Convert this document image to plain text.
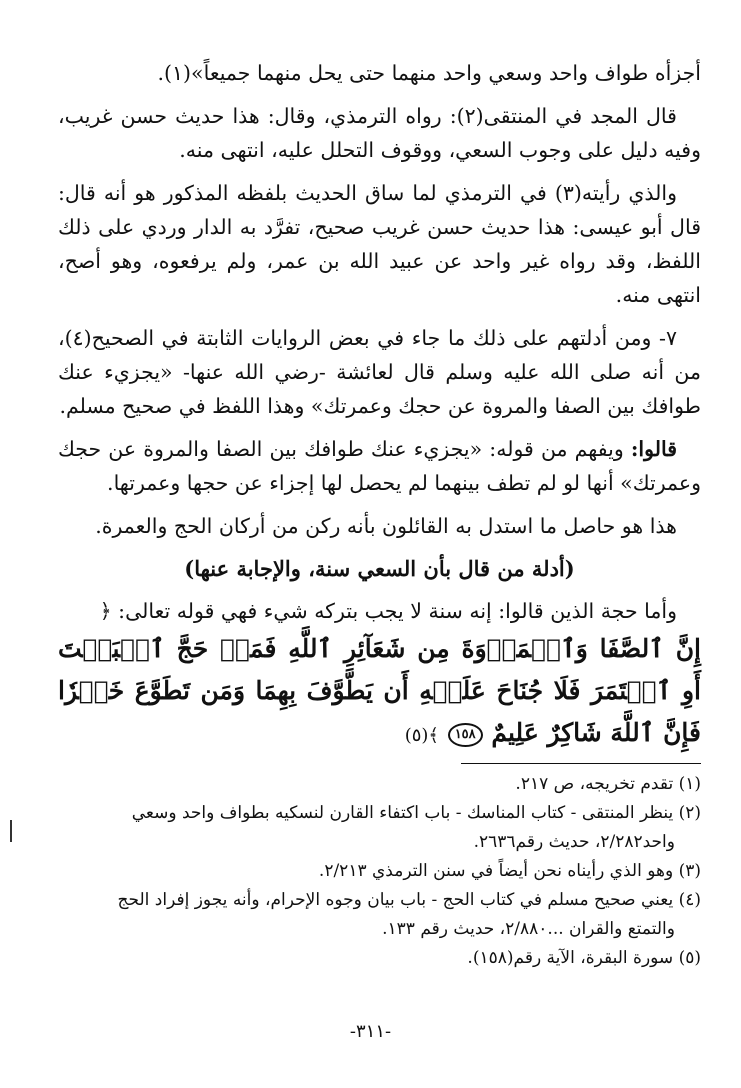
أجزأه طواف واحد وسعي واحد منهما حتى يحل منهما جميعاً»(١).

قال المجد في المنتقى(٢): رواه الترمذي، وقال: هذا حديث حسن غريب، وفيه دليل على وجوب السعي، ووقوف التحلل عليه، انتهى منه.

والذي رأيته(٣) في الترمذي لما ساق الحديث بلفظه المذكور هو أنه قال: قال أبو عيسى: هذا حديث حسن غريب صحيح، تفرَّد به الدار وردي على ذلك اللفظ، وقد رواه غير واحد عن عبيد الله بن عمر، ولم يرفعوه، وهو أصح، انتهى منه.

٧- ومن أدلتهم على ذلك ما جاء في بعض الروايات الثابتة في الصحيح(٤)، من أنه صلى الله عليه وسلم قال لعائشة -رضي الله عنها- «يجزيء عنك طوافك بين الصفا والمروة عن حجك وعمرتك» وهذا اللفظ في صحيح مسلم.

قالوا: ويفهم من قوله: «يجزيء عنك طوافك بين الصفا والمروة عن حجك وعمرتك» أنها لو لم تطف بينهما لم يحصل لها إجزاء عن حجها وعمرتها.

هذا هو حاصل ما استدل به القائلون بأنه ركن من أركان الحج والعمرة.

(أدلة من قال بأن السعي سنة، والإجابة عنها)

وأما حجة الذين قالوا: إنه سنة لا يجب بتركه شيء فهي قوله تعالى: ﴿

إِنَّ ٱلصَّفَا وَٱلۡمَرۡوَةَ مِن شَعَآئِرِ ٱللَّهِ فَمَنۡ حَجَّ ٱلۡبَيۡتَ أَوِ ٱعۡتَمَرَ فَلَا جُنَاحَ عَلَيۡهِ أَن يَطَّوَّفَ بِهِمَا وَمَن تَطَوَّعَ خَيۡرٗا فَإِنَّ ٱللَّهَ شَاكِرٌ عَلِيمٌ ١٥٨ ﴾(٥)

(١) تقدم تخريجه، ص ٢١٧.

(٢) ينظر المنتقى - كتاب المناسك - باب اكتفاء القارن لنسكيه بطواف واحد وسعي

واحد٢/٢٨٢، حديث رقم٢٦٣٦.

(٣) وهو الذي رأيناه نحن أيضاً في سنن الترمذي ٢/٢١٣.

(٤) يعني صحيح مسلم في كتاب الحج - باب بيان وجوه الإحرام، وأنه يجوز إفراد الحج

والتمتع والقران ...٢/٨٨٠، حديث رقم ١٣٣.

(٥) سورة البقرة، الآية رقم(١٥٨).

-٣١١-
